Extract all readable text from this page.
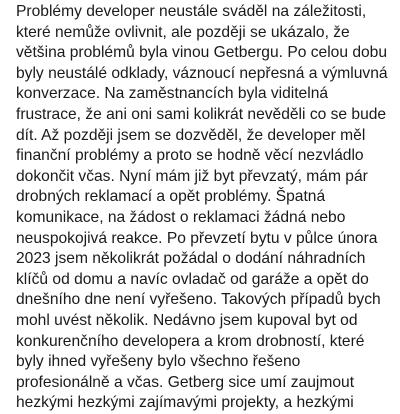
Problémy developer neustále sváděl na záležitosti,
které nemůže ovlivnit, ale později se ukázalo, že
většina problémů byla vinou Getbergu. Po celou dobu
byly neustálé odklady, váznoucí nepřesná a výmluvná
konverzace. Na zaměstnancích byla viditelná
frustrace, že ani oni sami kolikrát nevěděli co se bude
dít. Až později jsem se dozvěděl, že developer měl
finanční problémy a proto se hodně věcí nezvládlo
dokončit včas. Nyní mám již byt převzatý, mám pár
drobných reklamací a opět problémy. Špatná
komunikace, na žádost o reklamaci žádná nebo
neuspokojivá reakce. Po převzetí bytu v půlce února
2023 jsem několikrát požádal o dodání náhradních
klíčů od domu a navíc ovladač od garáže a opět do
dnešního dne není vyřešeno. Takových případů bych
mohl uvést několik. Nedávno jsem kupoval byt od
konkurenčního developera a krom drobností, které
byly ihned vyřešeny bylo všechno řešeno
profesionálně a včas. Getberg sice umí zaujmout
hezkými hezkými zajímavými projekty, a hezkými
